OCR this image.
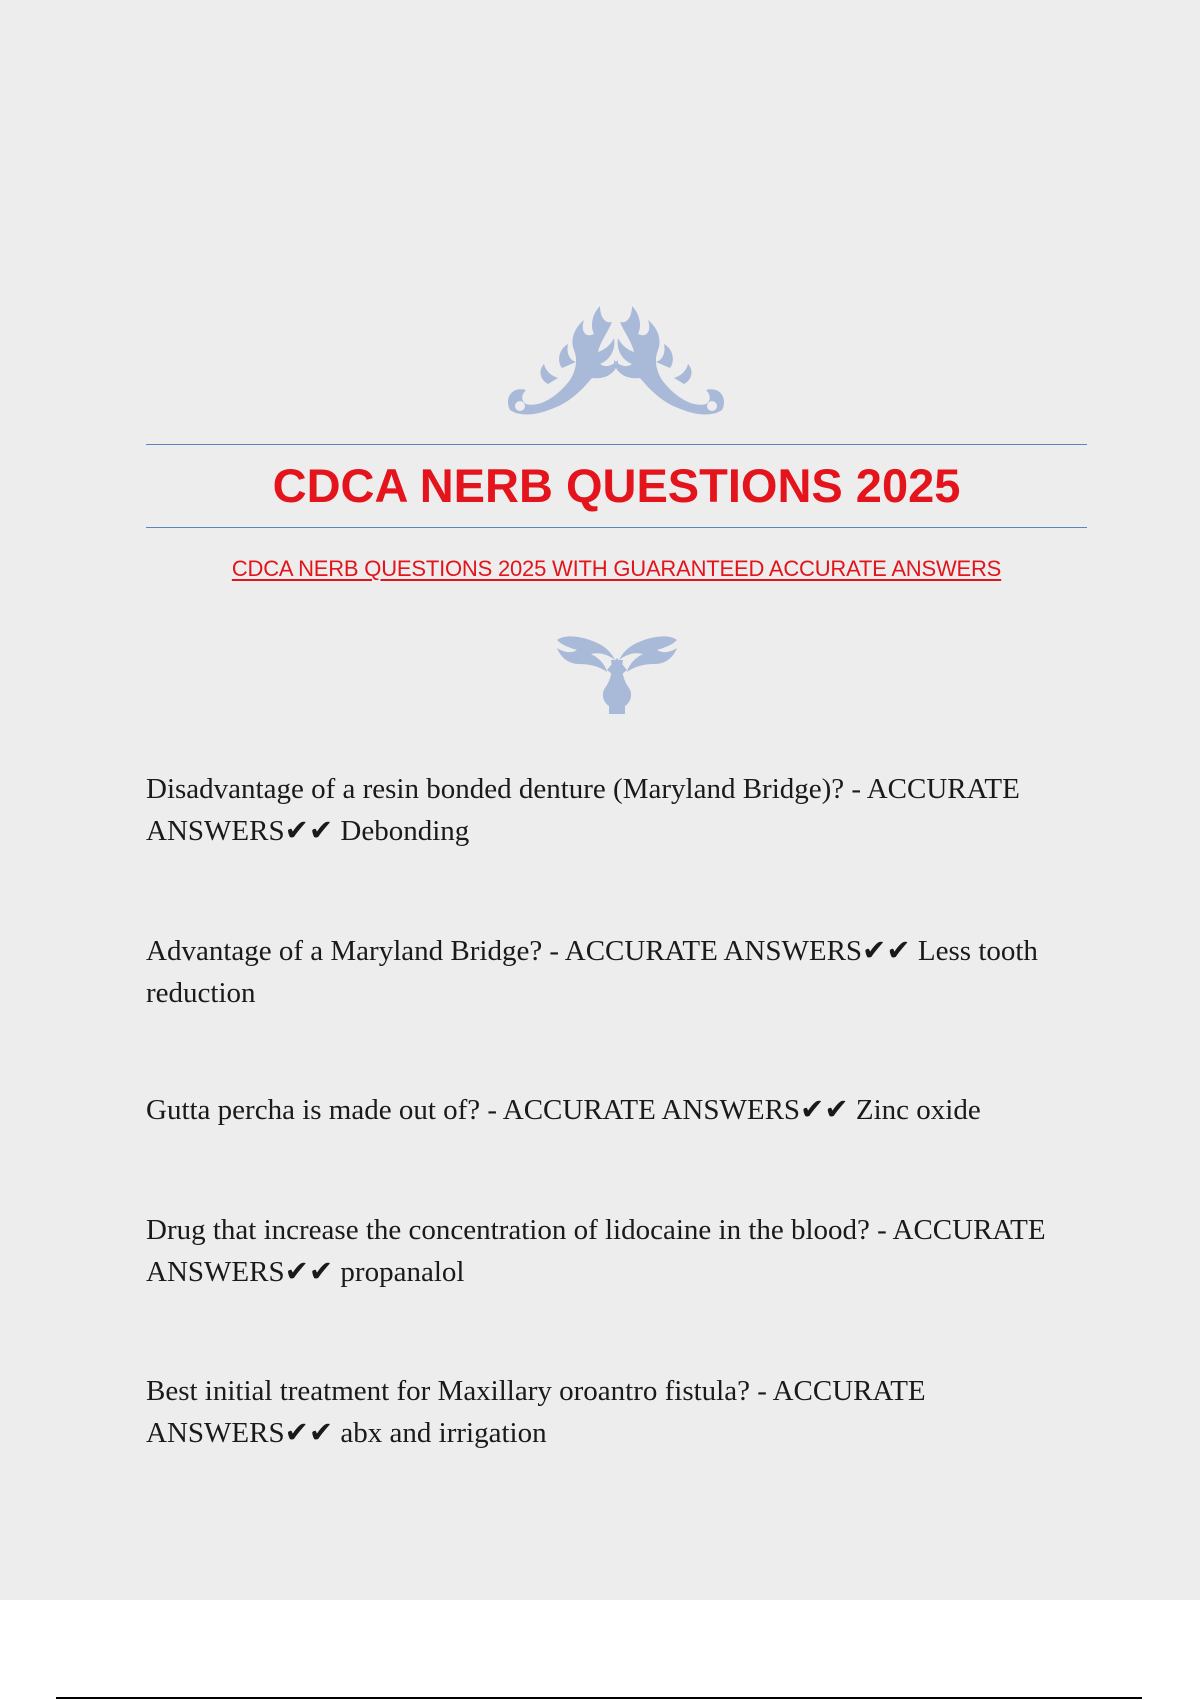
CDCA NERB QUESTIONS 2025
CDCA NERB QUESTIONS 2025 WITH GUARANTEED ACCURATE ANSWERS

Disadvantage of a resin bonded denture (Maryland Bridge)? - ACCURATE ANSWERS✔✔ Debonding

Advantage of a Maryland Bridge? - ACCURATE ANSWERS✔✔ Less tooth reduction

Gutta percha is made out of? - ACCURATE ANSWERS✔✔ Zinc oxide

Drug that increase the concentration of lidocaine in the blood? - ACCURATE ANSWERS✔✔ propanalol

Best initial treatment for Maxillary oroantro fistula? - ACCURATE ANSWERS✔✔ abx and irrigation
